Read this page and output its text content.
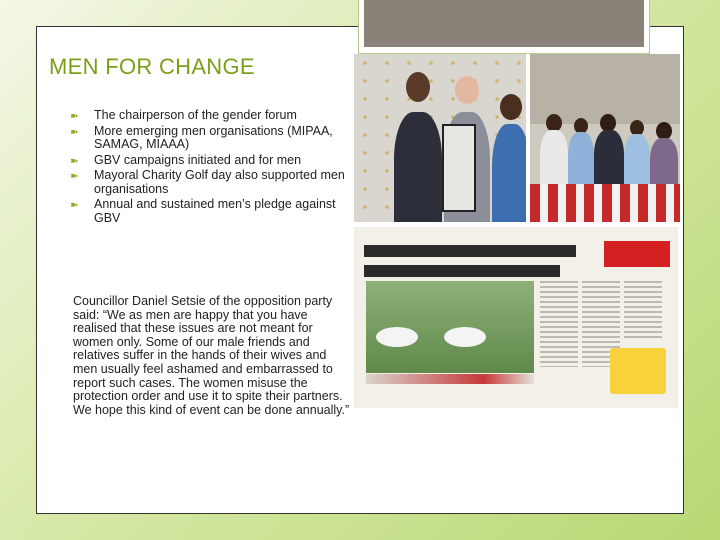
MEN FOR CHANGE
➽ The chairperson of the gender forum
➽ More emerging men organisations (MIPAA, SAMAG, MIAAA)
➽ GBV campaigns initiated and for men
➽ Mayoral Charity Golf day also supported men organisations
➽ Annual and sustained men’s pledge against GBV
Councillor Daniel Setsie of the opposition party said: “We as men are happy that you have realised that these issues are not meant for women only. Some of our male friends and relatives suffer in the hands of their wives and men usually feel ashamed and embarrassed to report such cases. The women misuse the protection order and use it to spite their partners. We hope this kind of event can be done annually.”
